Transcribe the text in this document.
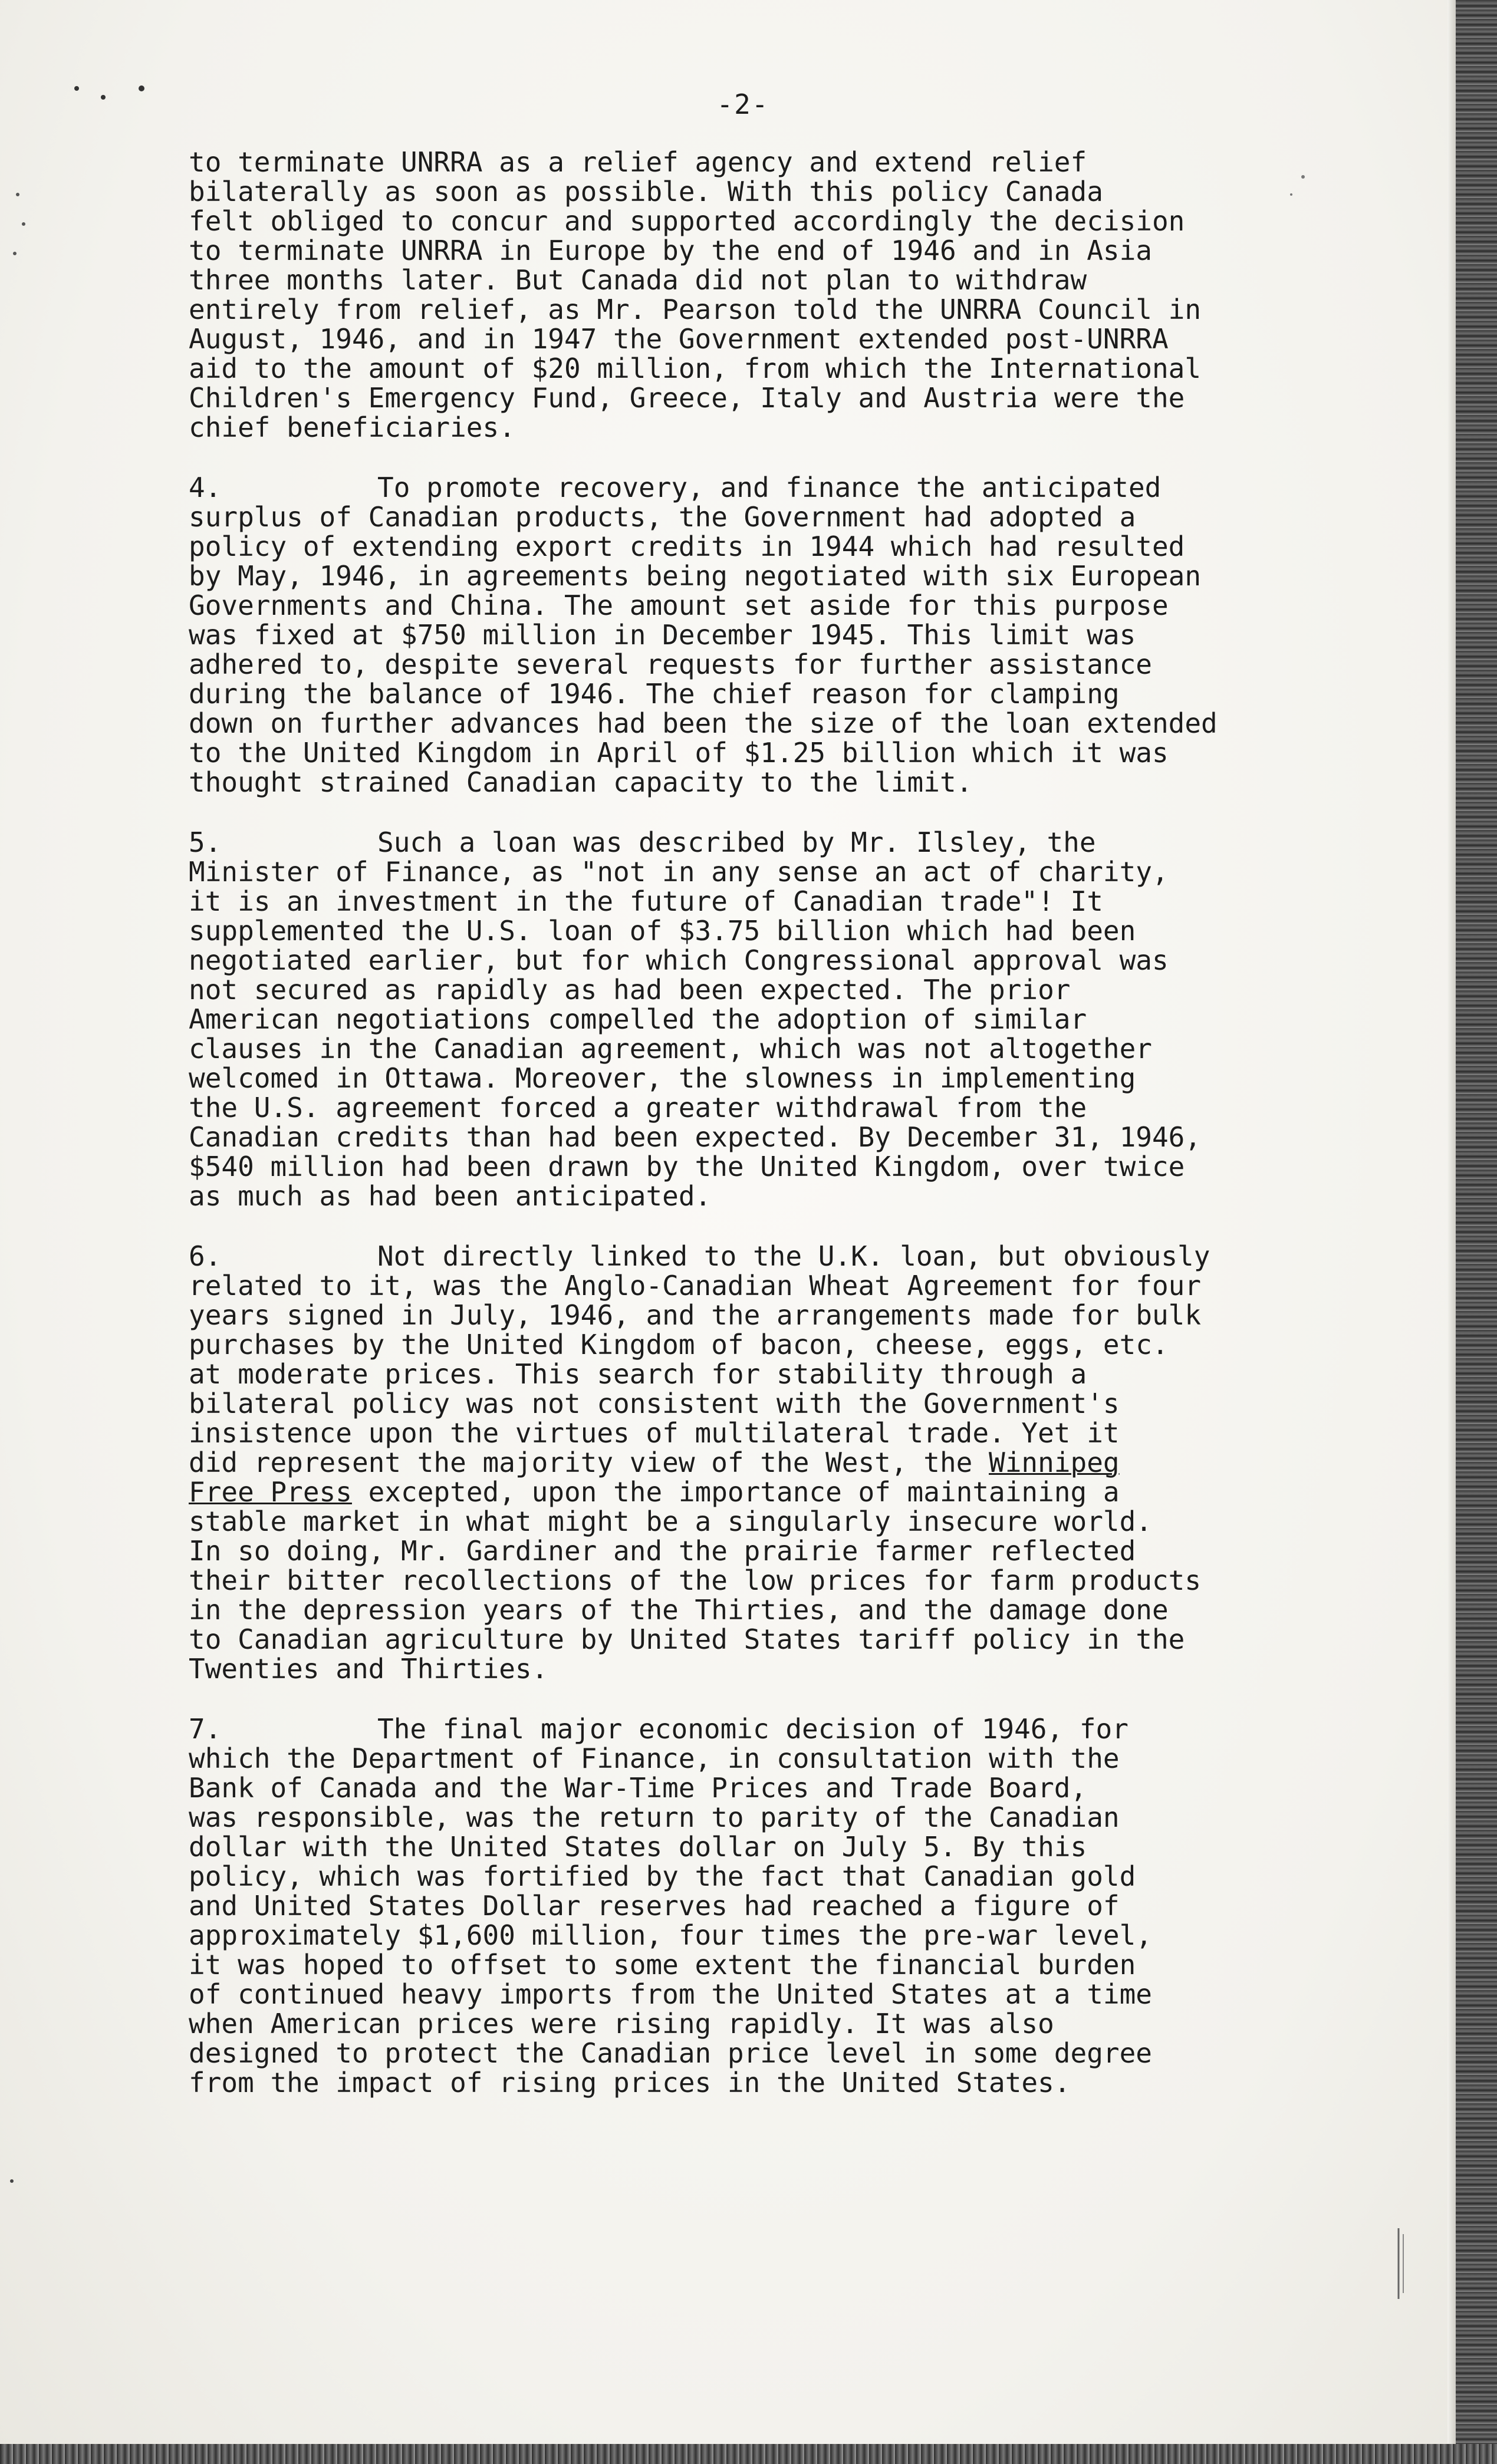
-2-

to terminate UNRRA as a relief agency and extend relief
bilaterally as soon as possible. With this policy Canada
felt obliged to concur and supported accordingly the decision
to terminate UNRRA in Europe by the end of 1946 and in Asia
three months later. But Canada did not plan to withdraw
entirely from relief, as Mr. Pearson told the UNRRA Council in
August, 1946, and in 1947 the Government extended post-UNRRA
aid to the amount of $20 million, from which the International
Children's Emergency Fund, Greece, Italy and Austria were the
chief beneficiaries.

4.	To promote recovery, and finance the anticipated
surplus of Canadian products, the Government had adopted a
policy of extending export credits in 1944 which had resulted
by May, 1946, in agreements being negotiated with six European
Governments and China. The amount set aside for this purpose
was fixed at $750 million in December 1945. This limit was
adhered to, despite several requests for further assistance
during the balance of 1946. The chief reason for clamping
down on further advances had been the size of the loan extended
to the United Kingdom in April of $1.25 billion which it was
thought strained Canadian capacity to the limit.

5.	Such a loan was described by Mr. Ilsley, the
Minister of Finance, as "not in any sense an act of charity,
it is an investment in the future of Canadian trade"! It
supplemented the U.S. loan of $3.75 billion which had been
negotiated earlier, but for which Congressional approval was
not secured as rapidly as had been expected. The prior
American negotiations compelled the adoption of similar
clauses in the Canadian agreement, which was not altogether
welcomed in Ottawa. Moreover, the slowness in implementing
the U.S. agreement forced a greater withdrawal from the
Canadian credits than had been expected. By December 31, 1946,
$540 million had been drawn by the United Kingdom, over twice
as much as had been anticipated.

6.	Not directly linked to the U.K. loan, but obviously
related to it, was the Anglo-Canadian Wheat Agreement for four
years signed in July, 1946, and the arrangements made for bulk
purchases by the United Kingdom of bacon, cheese, eggs, etc.
at moderate prices. This search for stability through a
bilateral policy was not consistent with the Government's
insistence upon the virtues of multilateral trade. Yet it
did represent the majority view of the West, the Winnipeg
Free Press excepted, upon the importance of maintaining a
stable market in what might be a singularly insecure world.
In so doing, Mr. Gardiner and the prairie farmer reflected
their bitter recollections of the low prices for farm products
in the depression years of the Thirties, and the damage done
to Canadian agriculture by United States tariff policy in the
Twenties and Thirties.

7.	The final major economic decision of 1946, for
which the Department of Finance, in consultation with the
Bank of Canada and the War-Time Prices and Trade Board,
was responsible, was the return to parity of the Canadian
dollar with the United States dollar on July 5. By this
policy, which was fortified by the fact that Canadian gold
and United States Dollar reserves had reached a figure of
approximately $1,600 million, four times the pre-war level,
it was hoped to offset to some extent the financial burden
of continued heavy imports from the United States at a time
when American prices were rising rapidly. It was also
designed to protect the Canadian price level in some degree
from the impact of rising prices in the United States.
